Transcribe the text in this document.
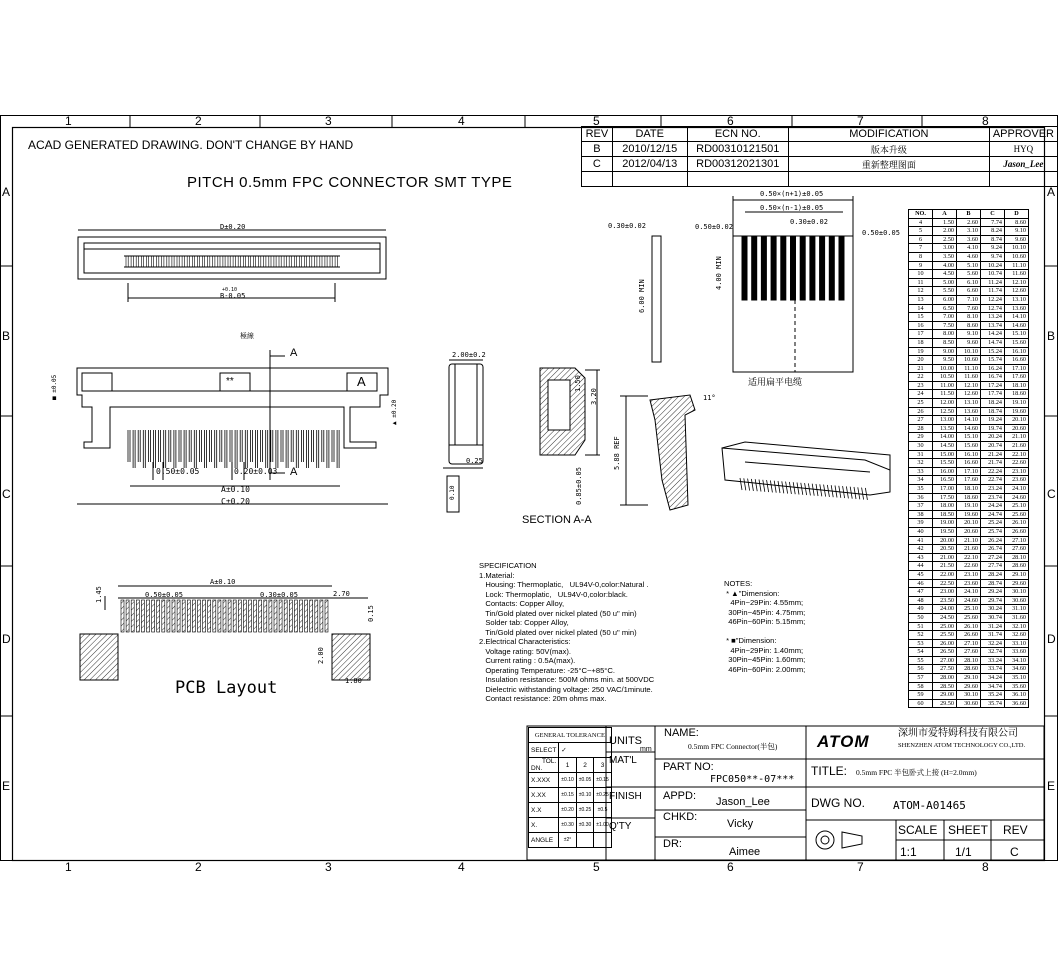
1
1
2
2
3
3
4
4
5
5
6
6
7
7
8
8
A	A
B	B
C	C
D	D
E	E
ACAD GENERATED DRAWING. DON'T CHANGE BY HAND
PITCH 0.5mm FPC CONNECTOR SMT TYPE
REV	DATE	ECN NO.	MODIFICATION	APPROVER
B	2010/12/15	RD00310121501	版本升级	HYQ
C	2012/04/13	RD00312021301	重新整理图面	Jason_Lee

D±0.20
+0.10
B-0.05
極線
A
A
**	A
0.50±0.05	0.20±0.03
A±0.10
C±0.20
■ ±0.05
▲ ±0.20
2.00±0.2
0.25
0.10
1.50
3.20
0.85±0.05
SECTION A-A
0.30±0.02
6.00 MIN
0.50×(n+1)±0.05
0.50×(n-1)±0.05
0.30±0.02
0.50±0.02
0.50±0.05
4.00 MIN
适用扁平电缆
11°
5.88 REF
A±0.10
0.50±0.05	0.30±0.05	2.70
1.45
0.15
2.00
1.80
PCB Layout
SPECIFICATION
1.Material:
Housing: Thermoplatic,   UL94V-0,color:Natural .
Lock: Thermoplatic,   UL94V-0,color:black.
Contacts: Copper Alloy,
Tin/Gold plated over nickel plated (50 u" min)
Solder tab: Copper Alloy,
Tin/Gold plated over nickel plated (50 u" min)
2.Electrical Characteristics:
Voltage rating: 50V(max).
Current rating : 0.5A(max).
Operating Temperature: -25°C~+85°C.
Insulation resistance: 500M ohms min. at 500VDC
Dielectric withstanding voltage: 250 VAC/1minute.
Contact resistance: 20m ohms max.
NOTES:
* ▲"Dimension:
4Pin~29Pin: 4.55mm;
30Pin~45Pin: 4.75mm;
46Pin~60Pin: 5.15mm;

* ■"Dimension:
4Pin~29Pin: 1.40mm;
30Pin~45Pin: 1.60mm;
46Pin~60Pin: 2.00mm;
NO.	A	B	C	D
4	1.50	2.60	7.74	8.60
5	2.00	3.10	8.24	9.10
6	2.50	3.60	8.74	9.60
7	3.00	4.10	9.24	10.10
8	3.50	4.60	9.74	10.60
9	4.00	5.10	10.24	11.10
10	4.50	5.60	10.74	11.60
11	5.00	6.10	11.24	12.10
12	5.50	6.60	11.74	12.60
13	6.00	7.10	12.24	13.10
14	6.50	7.60	12.74	13.60
15	7.00	8.10	13.24	14.10
16	7.50	8.60	13.74	14.60
17	8.00	9.10	14.24	15.10
18	8.50	9.60	14.74	15.60
19	9.00	10.10	15.24	16.10
20	9.50	10.60	15.74	16.60
21	10.00	11.10	16.24	17.10
22	10.50	11.60	16.74	17.60
23	11.00	12.10	17.24	18.10
24	11.50	12.60	17.74	18.60
25	12.00	13.10	18.24	19.10
26	12.50	13.60	18.74	19.60
27	13.00	14.10	19.24	20.10
28	13.50	14.60	19.74	20.60
29	14.00	15.10	20.24	21.10
30	14.50	15.60	20.74	21.60
31	15.00	16.10	21.24	22.10
32	15.50	16.60	21.74	22.60
33	16.00	17.10	22.24	23.10
34	16.50	17.60	22.74	23.60
35	17.00	18.10	23.24	24.10
36	17.50	18.60	23.74	24.60
37	18.00	19.10	24.24	25.10
38	18.50	19.60	24.74	25.60
39	19.00	20.10	25.24	26.10
40	19.50	20.60	25.74	26.60
41	20.00	21.10	26.24	27.10
42	20.50	21.60	26.74	27.60
43	21.00	22.10	27.24	28.10
44	21.50	22.60	27.74	28.60
45	22.00	23.10	28.24	29.10
46	22.50	23.60	28.74	29.60
47	23.00	24.10	29.24	30.10
48	23.50	24.60	29.74	30.60
49	24.00	25.10	30.24	31.10
50	24.50	25.60	30.74	31.60
51	25.00	26.10	31.24	32.10
52	25.50	26.60	31.74	32.60
53	26.00	27.10	32.24	33.10
54	26.50	27.60	32.74	33.60
55	27.00	28.10	33.24	34.10
56	27.50	28.60	33.74	34.60
57	28.00	29.10	34.24	35.10
58	28.50	29.60	34.74	35.60
59	29.00	30.10	35.24	36.10
60	29.50	30.60	35.74	36.60
GENERAL TOLERANCE			
SELECT	✓		

TOL.
DN.	1	2	3
X.XXX	±0.10	±0.05	±0.15
X.XX	±0.15	±0.10	±0.25
X.X	±0.20	±0.25	±0.5
X.	±0.30	±0.30	±1.00
ANGLE	±2°		
UNITS
mm
MAT'L
FINISH
Q'TY
NAME:
0.5mm FPC Connector(半包)
PART NO:
FPC050**-07***
APPD: Jason_Lee
CHKD:
Vicky
DR:
Aimee
ATOM	深圳市爱特姆科技有限公司
SHENZHEN ATOM TECHNOLOGY CO.,LTD.
TITLE: 0.5mm FPC 半包卧式上接 (H=2.0mm)
DWG NO.	ATOM-A01465
SCALE
1:1
SHEET
1/1
REV
C
